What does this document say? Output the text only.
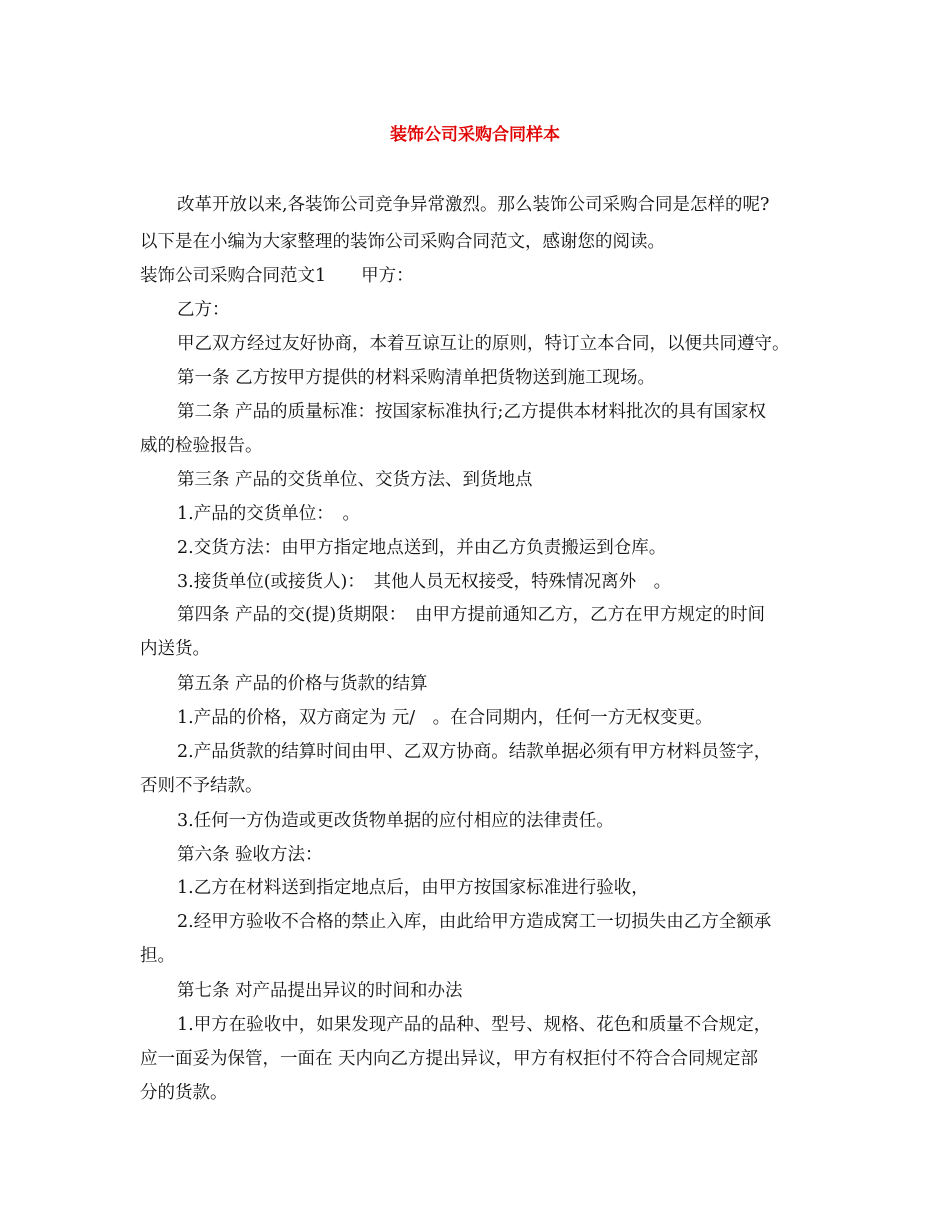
装饰公司采购合同样本
改革开放以来,各装饰公司竞争异常激烈。那么装饰公司采购合同是怎样的呢?
以下是在小编为大家整理的装饰公司采购合同范文，感谢您的阅读。
装饰公司采购合同范文1　　甲方：
乙方：
甲乙双方经过友好协商，本着互谅互让的原则，特订立本合同，以便共同遵守。
第一条 乙方按甲方提供的材料采购清单把货物送到施工现场。
第二条 产品的质量标准：按国家标准执行;乙方提供本材料批次的具有国家权
威的检验报告。
第三条 产品的交货单位、交货方法、到货地点
1.产品的交货单位：　。
2.交货方法：由甲方指定地点送到，并由乙方负责搬运到仓库。
3.接货单位(或接货人)：　其他人员无权接受，特殊情况离外　。
第四条 产品的交(提)货期限：　由甲方提前通知乙方，乙方在甲方规定的时间
内送货。
第五条 产品的价格与货款的结算
1.产品的价格，双方商定为 元/　。在合同期内，任何一方无权变更。
2.产品货款的结算时间由甲、乙双方协商。结款单据必须有甲方材料员签字，
否则不予结款。
3.任何一方伪造或更改货物单据的应付相应的法律责任。
第六条 验收方法：
1.乙方在材料送到指定地点后，由甲方按国家标准进行验收，
2.经甲方验收不合格的禁止入库，由此给甲方造成窝工一切损失由乙方全额承
担。
第七条 对产品提出异议的时间和办法
1.甲方在验收中，如果发现产品的品种、型号、规格、花色和质量不合规定，
应一面妥为保管，一面在 天内向乙方提出异议，甲方有权拒付不符合合同规定部
分的货款。
